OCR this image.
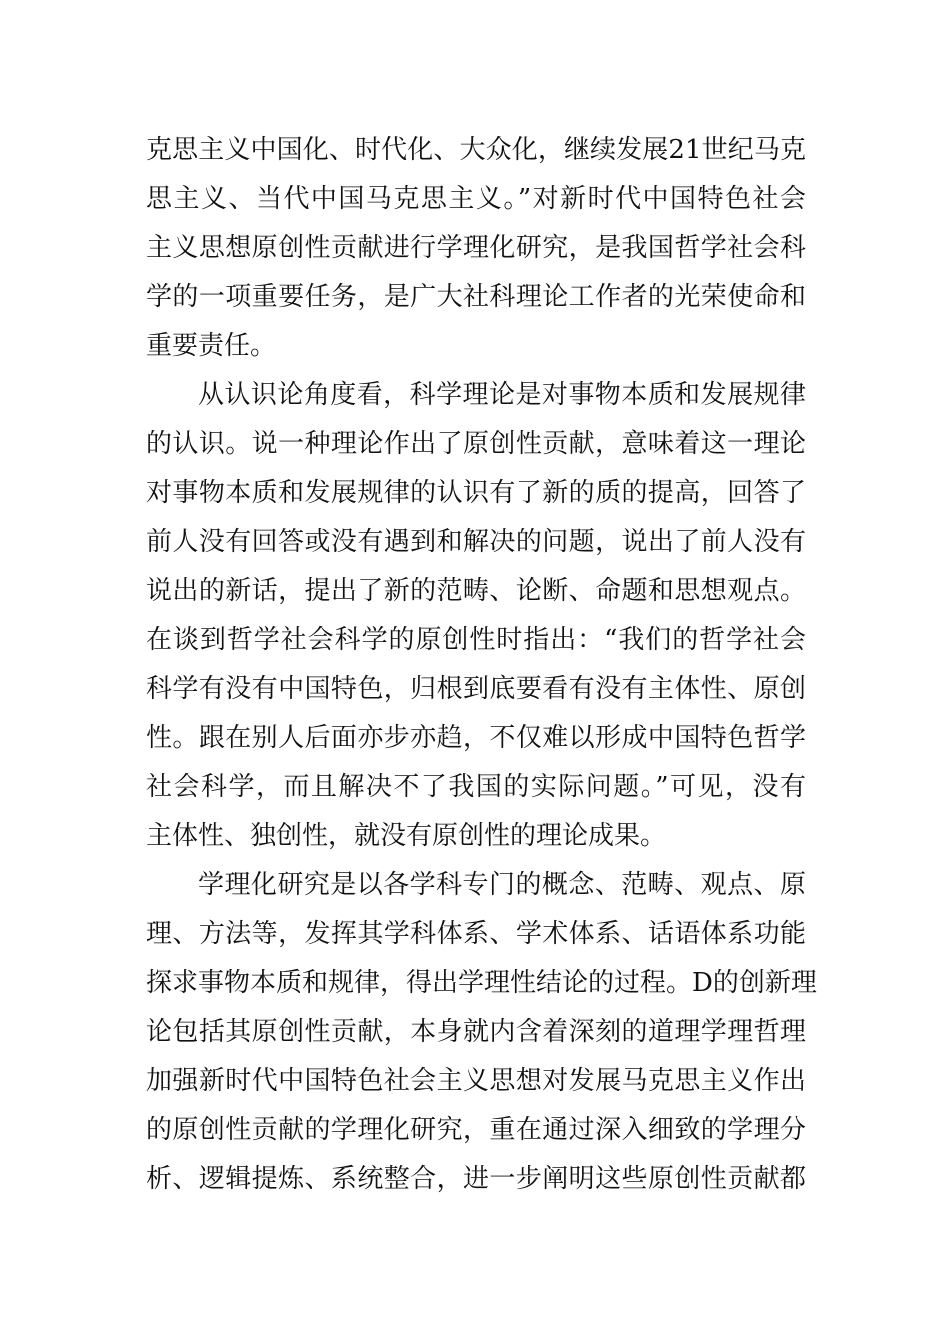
克思主义中国化、时代化、大众化，继续发展21世纪马克
思主义、当代中国马克思主义。”对新时代中国特色社会
主义思想原创性贡献进行学理化研究，是我国哲学社会科
学的一项重要任务，是广大社科理论工作者的光荣使命和
重要责任。
从认识论角度看，科学理论是对事物本质和发展规律
的认识。说一种理论作出了原创性贡献，意味着这一理论
对事物本质和发展规律的认识有了新的质的提高，回答了
前人没有回答或没有遇到和解决的问题，说出了前人没有
说出的新话，提出了新的范畴、论断、命题和思想观点。
在谈到哲学社会科学的原创性时指出：“我们的哲学社会
科学有没有中国特色，归根到底要看有没有主体性、原创
性。跟在别人后面亦步亦趋，不仅难以形成中国特色哲学
社会科学，而且解决不了我国的实际问题。”可见，没有
主体性、独创性，就没有原创性的理论成果。
学理化研究是以各学科专门的概念、范畴、观点、原
理、方法等，发挥其学科体系、学术体系、话语体系功能
探求事物本质和规律，得出学理性结论的过程。D的创新理
论包括其原创性贡献，本身就内含着深刻的道理学理哲理
加强新时代中国特色社会主义思想对发展马克思主义作出
的原创性贡献的学理化研究，重在通过深入细致的学理分
析、逻辑提炼、系统整合，进一步阐明这些原创性贡献都
